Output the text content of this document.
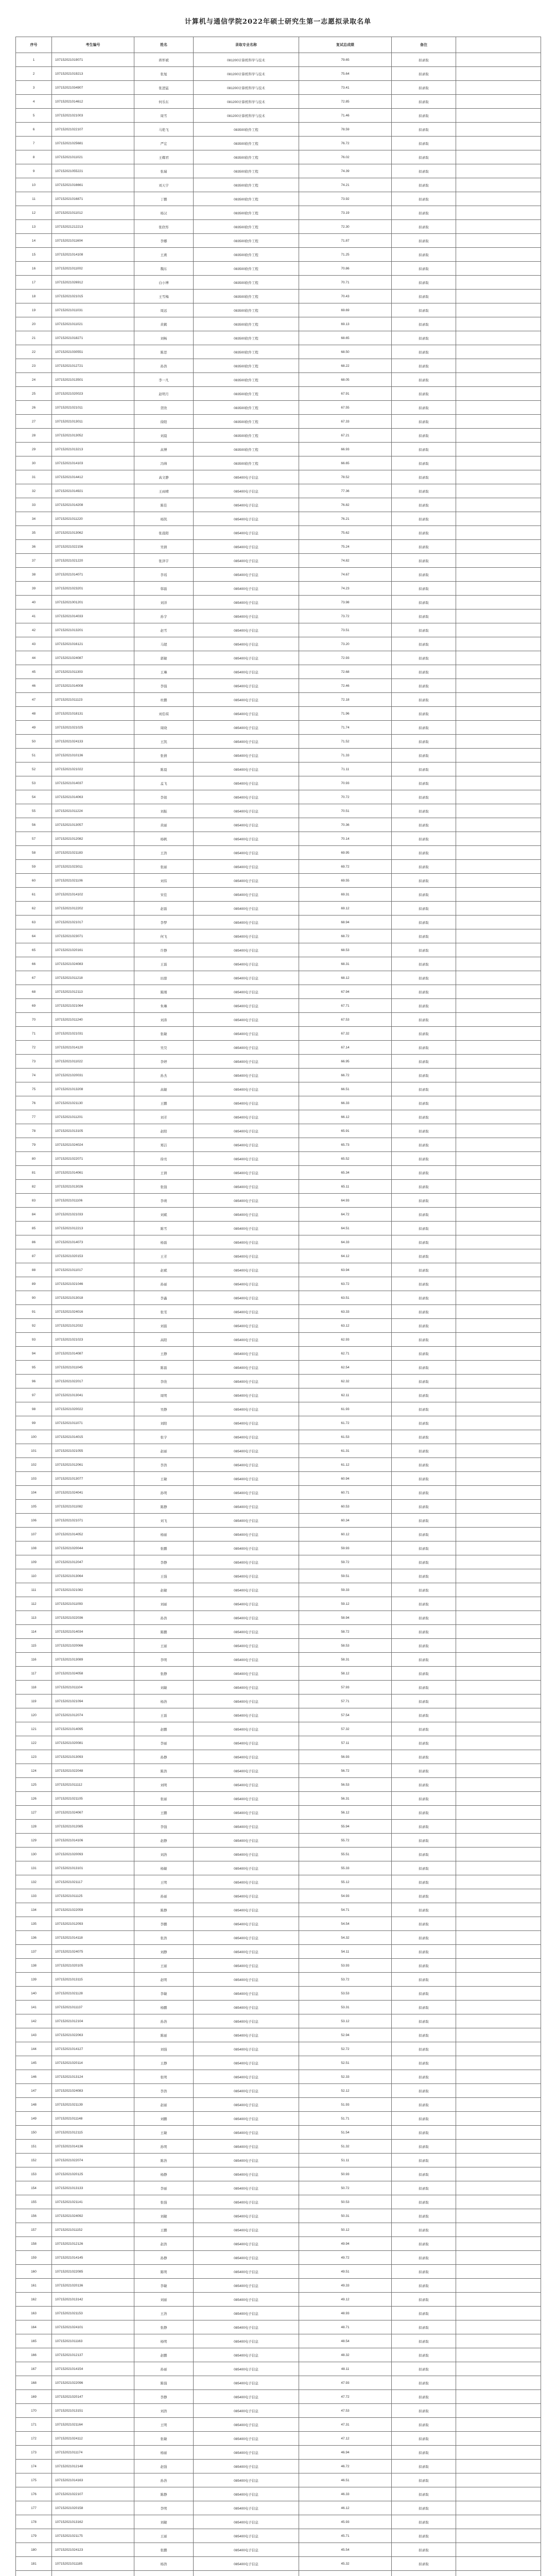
计算机与通信学院2022年硕士研究生第一志愿拟录取名单
序号	考生编号	姓名	录取专业名称	复试总成绩	备注	
1	107152021019071	蒋怀斌	081200计算机科学与技术	79.65	拟录取	
2	107152021019213	张旭	081200计算机科学与技术	75.64	拟录取	
3	107152021034907	张进猛	081200计算机科学与技术	73.41	拟录取	
4	107152021014612	何乐东	081200计算机科学与技术	72.85	拟录取	
5	107152021021003	周雪	081200计算机科学与技术	71.46	拟录取	
6	107152021022107	马艳飞	083500软件工程	78.59	拟录取	
7	107152021025681	严宏	083500软件工程	76.72	拟录取	
8	107152021011021	王耀君	083500软件工程	76.02	拟录取	
9	107152021055221	张瑞	083500软件工程	74.39	拟录取	
10	107152021016661	刘天宇	083500软件工程	74.21	拟录取	
11	107152021016871	丁鹏	083500软件工程	73.92	拟录取	
12	107152021011012	杨汉	083500软件工程	73.19	拟录取	
13	107152021212213	张欣彤	083500软件工程	72.30	拟录取	
14	107152021011604	李娜	083500软件工程	71.87	拟录取	
15	107152021014108	王燕	083500软件工程	71.25	拟录取	
16	107152021011002	魏东	083500软件工程	70.86	拟录取	
17	107152021026912	白小博	083500软件工程	70.71	拟录取	
18	107152021021015	王雪梅	083500软件工程	70.43	拟录取	
19	107152021011031	周远	083500软件工程	69.69	拟录取	
20	107152021011021	黄鹤	083500软件工程	69.13	拟录取	
21	107152021018271	刘畅	083500软件工程	68.65	拟录取	
22	107152021030551	陈思	083500软件工程	68.50	拟录取	
23	107152021012721	孙浩	083500软件工程	68.22	拟录取	
24	107152021013501	李一凡	083500软件工程	68.05	拟录取	
25	107152021020023	赵明月	083500软件工程	67.91	拟录取	
26	107152021021011	贺欣	083500软件工程	67.55	拟录取	
27	107152021013011	徐阳	083500软件工程	67.33	拟录取	
28	107152021013052	刘晨	083500软件工程	67.21	拟录取	
29	107152021013213	高博	083500软件工程	66.93	拟录取	
30	107152021014103	冯帅	083500软件工程	66.65	拟录取	
31	107152021014412	高文静	085400电子信息	78.52	拟录取	
32	107152021014921	王雨晴	085400电子信息	77.36	拟录取	
33	107152021014208	陈佳	085400电子信息	76.82	拟录取	
34	107152021011220	杨凯	085400电子信息	76.21	拟录取	
35	107152021013062	张晨阳	085400电子信息	75.62	拟录取	
36	107152021022156	吴倩	085400电子信息	75.24	拟录取	
37	107152021021220	张泽宇	085400电子信息	74.82	拟录取	
38	107152021014071	李瑶	085400电子信息	74.67	拟录取	
39	107152021023201	韩磊	085400电子信息	74.23	拟录取	
40	107152021001201	刘洋	085400电子信息	73.98	拟录取	
41	107152021014033	孙宇	085400电子信息	73.72	拟录取	
42	107152021013201	赵雪	085400电子信息	73.51	拟录取	
43	107152021016121	马超	085400电子信息	73.20	拟录取	
44	107152021024087	郭敏	085400电子信息	72.93	拟录取	
45	107152021011303	王琳	085400电子信息	72.68	拟录取	
46	107152021014008	李强	085400电子信息	72.46	拟录取	
47	107152021011123	杜鹏	085400电子信息	72.18	拟录取	
48	107152021018131	刘佳琪	085400电子信息	71.96	拟录取	
49	107152021021025	周晓	085400电子信息	71.74	拟录取	
50	107152021024133	王凯	085400电子信息	71.52	拟录取	
51	107152021010136	张倩	085400电子信息	71.33	拟录取	
52	107152021021022	陈晨	085400电子信息	71.11	拟录取	
53	107152021014037	孟飞	085400电子信息	70.93	拟录取	
54	107152021014063	李娟	085400电子信息	70.72	拟录取	
55	107152021011224	刘振	085400电子信息	70.51	拟录取	
56	107152021013057	黄丽	085400电子信息	70.36	拟录取	
57	107152021012082	杨帆	085400电子信息	70.14	拟录取	
58	107152021021183	王浩	085400电子信息	69.95	拟录取	
59	107152021023011	张丽	085400电子信息	69.72	拟录取	
60	107152021021106	刘伟	085400电子信息	69.55	拟录取	
61	107152021014102	宋佳	085400电子信息	69.31	拟录取	
62	107152021012202	赵磊	085400电子信息	69.12	拟录取	
63	107152021021017	李梦	085400电子信息	68.94	拟录取	
64	107152021023071	何飞	085400电子信息	68.72	拟录取	
65	107152021020161	许静	085400电子信息	68.53	拟录取	
66	107152021024083	王磊	085400电子信息	68.31	拟录取	
67	107152021011218	田甜	085400电子信息	68.12	拟录取	
68	107152021012113	陈刚	085400电子信息	67.94	拟录取	
69	107152021021064	朱琳	085400电子信息	67.71	拟录取	
70	107152021011240	刘涛	085400电子信息	67.53	拟录取	
71	107152021021031	张敏	085400电子信息	67.32	拟录取	
72	107152021014120	吴昊	085400电子信息	67.14	拟录取	
73	107152021011022	李婷	085400电子信息	66.95	拟录取	
74	107152021020031	孙杰	085400电子信息	66.72	拟录取	
75	107152021013208	高敏	085400电子信息	66.51	拟录取	
76	107152021021130	王鹏	085400电子信息	66.33	拟录取	
77	107152021011201	刘芳	085400电子信息	66.12	拟录取	
78	107152021013105	赵阳	085400电子信息	65.91	拟录取	
79	107152021024024	郑洁	085400电子信息	65.73	拟录取	
80	107152021022071	徐亮	085400电子信息	65.52	拟录取	
81	107152021014061	王倩	085400电子信息	65.34	拟录取	
82	107152021013026	张强	085400电子信息	65.11	拟录取	
83	107152021011106	李萌	085400电子信息	64.93	拟录取	
84	107152021021033	刘斌	085400电子信息	64.72	拟录取	
85	107152021012213	陈雪	085400电子信息	64.51	拟录取	
86	107152021014073	杨磊	085400电子信息	64.33	拟录取	
87	107152021020153	王芳	085400电子信息	64.12	拟录取	
88	107152021011017	赵斌	085400电子信息	63.94	拟录取	
89	107152021021046	孙丽	085400电子信息	63.72	拟录取	
90	107152021013018	李鑫	085400电子信息	63.51	拟录取	
91	107152021024016	张雯	085400电子信息	63.33	拟录取	
92	107152021012032	刘磊	085400电子信息	63.12	拟录取	
93	107152021021023	高阳	085400电子信息	62.93	拟录取	
94	107152021014087	王静	085400电子信息	62.71	拟录取	
95	107152021011045	陈磊	085400电子信息	62.54	拟录取	
96	107152021022017	李欣	085400电子信息	62.32	拟录取	
97	107152021013041	周明	085400电子信息	62.11	拟录取	
98	107152021020022	吴静	085400电子信息	61.93	拟录取	
99	107152021011071	刘阳	085400电子信息	61.72	拟录取	
100	107152021014015	张宇	085400电子信息	61.53	拟录取	
101	107152021021055	赵丽	085400电子信息	61.31	拟录取	
102	107152021012061	李浩	085400电子信息	61.12	拟录取	
103	107152021013077	王敏	085400电子信息	60.94	拟录取	
104	107152021024041	孙明	085400电子信息	60.71	拟录取	
105	107152021011082	陈静	085400电子信息	60.53	拟录取	
106	107152021021071	刘飞	085400电子信息	60.34	拟录取	
107	107152021014052	杨丽	085400电子信息	60.12	拟录取	
108	107152021020044	张鹏	085400电子信息	59.93	拟录取	
109	107152021012047	李静	085400电子信息	59.72	拟录取	
110	107152021013064	王强	085400电子信息	59.51	拟录取	
111	107152021021082	赵敏	085400电子信息	59.33	拟录取	
112	107152021011093	刘丽	085400电子信息	59.12	拟录取	
113	107152021022036	孙浩	085400电子信息	58.94	拟录取	
114	107152021014034	陈鹏	085400电子信息	58.72	拟录取	
115	107152021020066	王丽	085400电子信息	58.53	拟录取	
116	107152021013089	李明	085400电子信息	58.31	拟录取	
117	107152021024058	张静	085400电子信息	58.12	拟录取	
118	107152021011104	刘敏	085400电子信息	57.93	拟录取	
119	107152021021094	杨浩	085400电子信息	57.71	拟录取	
120	107152021012074	王磊	085400电子信息	57.54	拟录取	
121	107152021014095	赵鹏	085400电子信息	57.32	拟录取	
122	107152021020081	李丽	085400电子信息	57.11	拟录取	
123	107152021013093	孙静	085400电子信息	56.93	拟录取	
124	107152021022048	陈浩	085400电子信息	56.72	拟录取	
125	107152021011112	刘明	085400电子信息	56.53	拟录取	
126	107152021021105	张丽	085400电子信息	56.31	拟录取	
127	107152021024067	王鹏	085400电子信息	56.12	拟录取	
128	107152021012085	李强	085400电子信息	55.94	拟录取	
129	107152021014106	赵静	085400电子信息	55.72	拟录取	
130	107152021020093	刘浩	085400电子信息	55.51	拟录取	
131	107152021013101	杨敏	085400电子信息	55.33	拟录取	
132	107152021021117	王明	085400电子信息	55.12	拟录取	
133	107152021011125	孙丽	085400电子信息	54.93	拟录取	
134	107152021022059	陈静	085400电子信息	54.71	拟录取	
135	107152021012093	李鹏	085400电子信息	54.54	拟录取	
136	107152021014118	张浩	085400电子信息	54.32	拟录取	
137	107152021024075	刘静	085400电子信息	54.11	拟录取	
138	107152021020105	王丽	085400电子信息	53.93	拟录取	
139	107152021013115	赵明	085400电子信息	53.72	拟录取	
140	107152021021128	李敏	085400电子信息	53.53	拟录取	
141	107152021011137	杨鹏	085400电子信息	53.31	拟录取	
142	107152021012104	孙浩	085400电子信息	53.12	拟录取	
143	107152021022063	陈丽	085400电子信息	52.94	拟录取	
144	107152021014127	刘强	085400电子信息	52.72	拟录取	
145	107152021020114	王静	085400电子信息	52.51	拟录取	
146	107152021013124	张明	085400电子信息	52.33	拟录取	
147	107152021024083	李浩	085400电子信息	52.12	拟录取	
148	107152021021139	赵丽	085400电子信息	51.93	拟录取	
149	107152021011148	刘鹏	085400电子信息	51.71	拟录取	
150	107152021012115	王敏	085400电子信息	51.54	拟录取	
151	107152021014136	孙明	085400电子信息	51.32	拟录取	
152	107152021022074	陈浩	085400电子信息	51.11	拟录取	
153	107152021020125	杨静	085400电子信息	50.93	拟录取	
154	107152021013133	李丽	085400电子信息	50.72	拟录取	
155	107152021021141	张强	085400电子信息	50.53	拟录取	
156	107152021024092	刘敏	085400电子信息	50.31	拟录取	
157	107152021011152	王鹏	085400电子信息	50.12	拟录取	
158	107152021012126	赵浩	085400电子信息	49.94	拟录取	
159	107152021014145	孙静	085400电子信息	49.72	拟录取	
160	107152021022085	陈明	085400电子信息	49.51	拟录取	
161	107152021020136	李敏	085400电子信息	49.33	拟录取	
162	107152021013142	刘丽	085400电子信息	49.12	拟录取	
163	107152021021153	王浩	085400电子信息	48.93	拟录取	
164	107152021024101	张静	085400电子信息	48.71	拟录取	
165	107152021011163	杨明	085400电子信息	48.54	拟录取	
166	107152021012137	赵鹏	085400电子信息	48.32	拟录取	
167	107152021014154	孙丽	085400电子信息	48.11	拟录取	
168	107152021022096	陈强	085400电子信息	47.93	拟录取	
169	107152021020147	李静	085400电子信息	47.72	拟录取	
170	107152021013151	刘浩	085400电子信息	47.53	拟录取	
171	107152021021164	王明	085400电子信息	47.31	拟录取	
172	107152021024112	张敏	085400电子信息	47.12	拟录取	
173	107152021011174	杨丽	085400电子信息	46.94	拟录取	
174	107152021012148	赵强	085400电子信息	46.72	拟录取	
175	107152021014163	孙浩	085400电子信息	46.51	拟录取	
176	107152021022107	陈静	085400电子信息	46.33	拟录取	
177	107152021020158	李明	085400电子信息	46.12	拟录取	
178	107152021013162	刘敏	085400电子信息	45.93	拟录取	
179	107152021021175	王丽	085400电子信息	45.71	拟录取	
180	107152021024123	张鹏	085400电子信息	45.54	拟录取	
181	107152021011185	杨浩	085400电子信息	45.32	拟录取	
